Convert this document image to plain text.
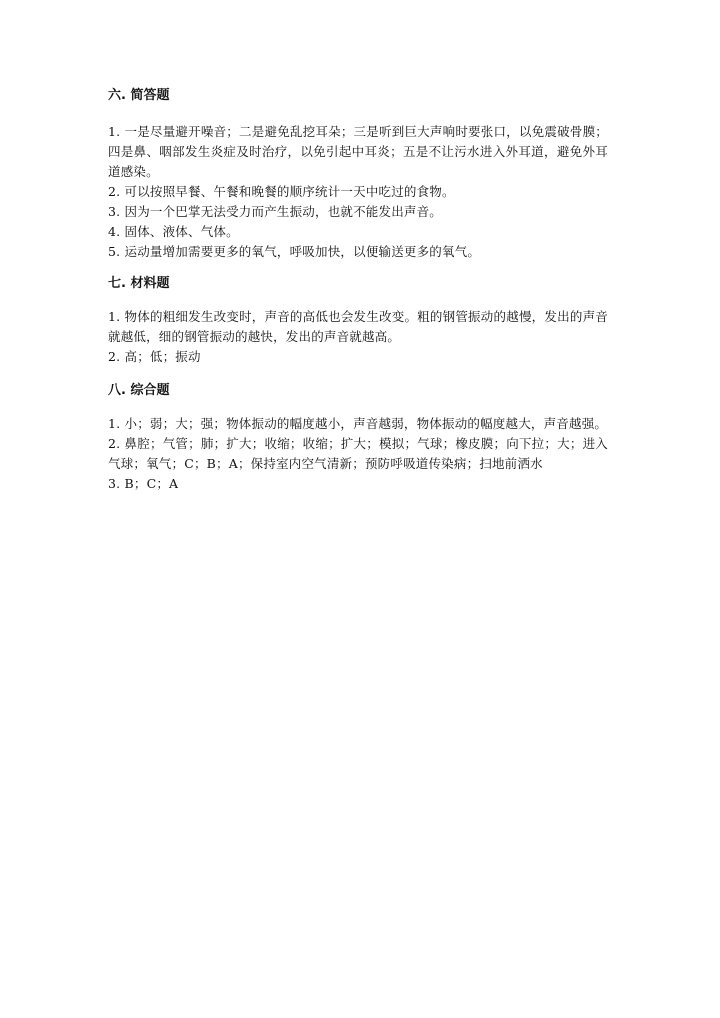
六. 简答题
1. 一是尽量避开噪音；二是避免乱挖耳朵；三是听到巨大声响时要张口，以免震破骨膜；四是鼻、咽部发生炎症及时治疗，以免引起中耳炎；五是不让污水进入外耳道，避免外耳道感染。
2. 可以按照早餐、午餐和晚餐的顺序统计一天中吃过的食物。
3. 因为一个巴掌无法受力而产生振动，也就不能发出声音。
4. 固体、液体、气体。
5. 运动量增加需要更多的氧气，呼吸加快，以便输送更多的氧气。
七. 材料题
1. 物体的粗细发生改变时，声音的高低也会发生改变。粗的钢管振动的越慢，发出的声音就越低，细的钢管振动的越快，发出的声音就越高。
2. 高；低；振动
八. 综合题
1. 小；弱；大；强；物体振动的幅度越小，声音越弱，物体振动的幅度越大，声音越强。
2. 鼻腔；气管；肺；扩大；收缩；收缩；扩大；模拟；气球；橡皮膜；向下拉；大；进入气球；氧气；C；B；A；保持室内空气清新；预防呼吸道传染病；扫地前洒水
3. B；C；A
